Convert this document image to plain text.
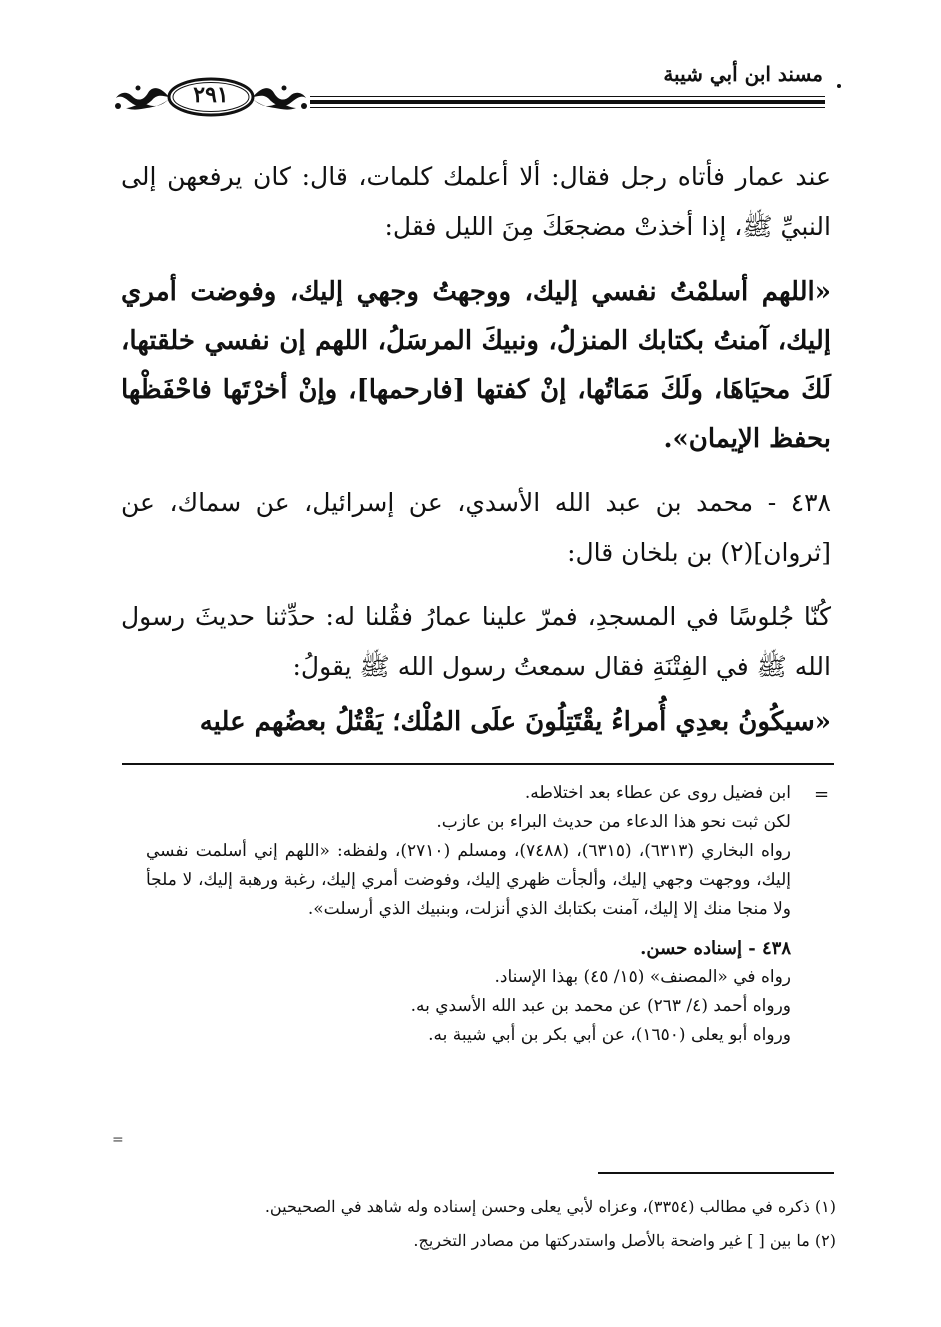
مسند ابن أبي شيبة
٢٩١

عند عمار فأتاه رجل فقال: ألا أعلمك كلمات، قال: كان يرفعهن إلى النبيِّ ﷺ، إذا أخذتْ مضجعَكَ مِنَ الليل فقل:

«اللهم أسلمْتُ نفسي إليك، ووجهتُ وجهي إليك، وفوضت أمري إليك، آمنتُ بكتابك المنزلُ، ونبيكَ المرسَلُ، اللهم إن نفسي خلقتها، لَكَ محيَاهَا، ولَكَ مَمَاتُها، إنْ كفتها [فارحمها]، وإنْ أخرْتَها فاحْفَظْها بحفظ الإيمان».

٤٣٨ - محمد بن عبد الله الأسدي، عن إسرائيل، عن سماك، عن [ثروان](٢) بن بلخان قال:

كُنّا جُلوسًا في المسجدِ، فمرّ علينا عمارُ فقُلنا له: حدِّثنا حديثَ رسول الله ﷺ في الفِتْنَةِ فقال سمعتُ رسول الله ﷺ يقولُ:

«سيكُونُ بعدِي أُمراءُ يقْتَتِلُونَ علَى المُلْك؛ يَقْتُلُ بعضُهم عليه

=

ابن فضيل روى عن عطاء بعد اختلاطه.

لكن ثبت نحو هذا الدعاء من حديث البراء بن عازب.

رواه البخاري (٦٣١٣)، (٦٣١٥)، (٧٤٨٨)، ومسلم (٢٧١٠)، ولفظه: «اللهم إني أسلمت نفسي إليك، ووجهت وجهي إليك، وألجأت ظهري إليك، وفوضت أمري إليك، رغبة ورهبة إليك، لا ملجأ ولا منجا منك إلا إليك، آمنت بكتابك الذي أنزلت، وبنبيك الذي أرسلت».

٤٣٨ - إسناده حسن.

رواه في «المصنف» (١٥/ ٤٥) بهذا الإسناد.

ورواه أحمد (٤/ ٢٦٣) عن محمد بن عبد الله الأسدي به.

ورواه أبو يعلى (١٦٥٠)، عن أبي بكر بن أبي شيبة به.

=

(١) ذكره في مطالب (٣٣٥٤)، وعزاه لأبي يعلى وحسن إسناده وله شاهد في الصحيحين.

(٢) ما بين [ ] غير واضحة بالأصل واستدركتها من مصادر التخريج.
